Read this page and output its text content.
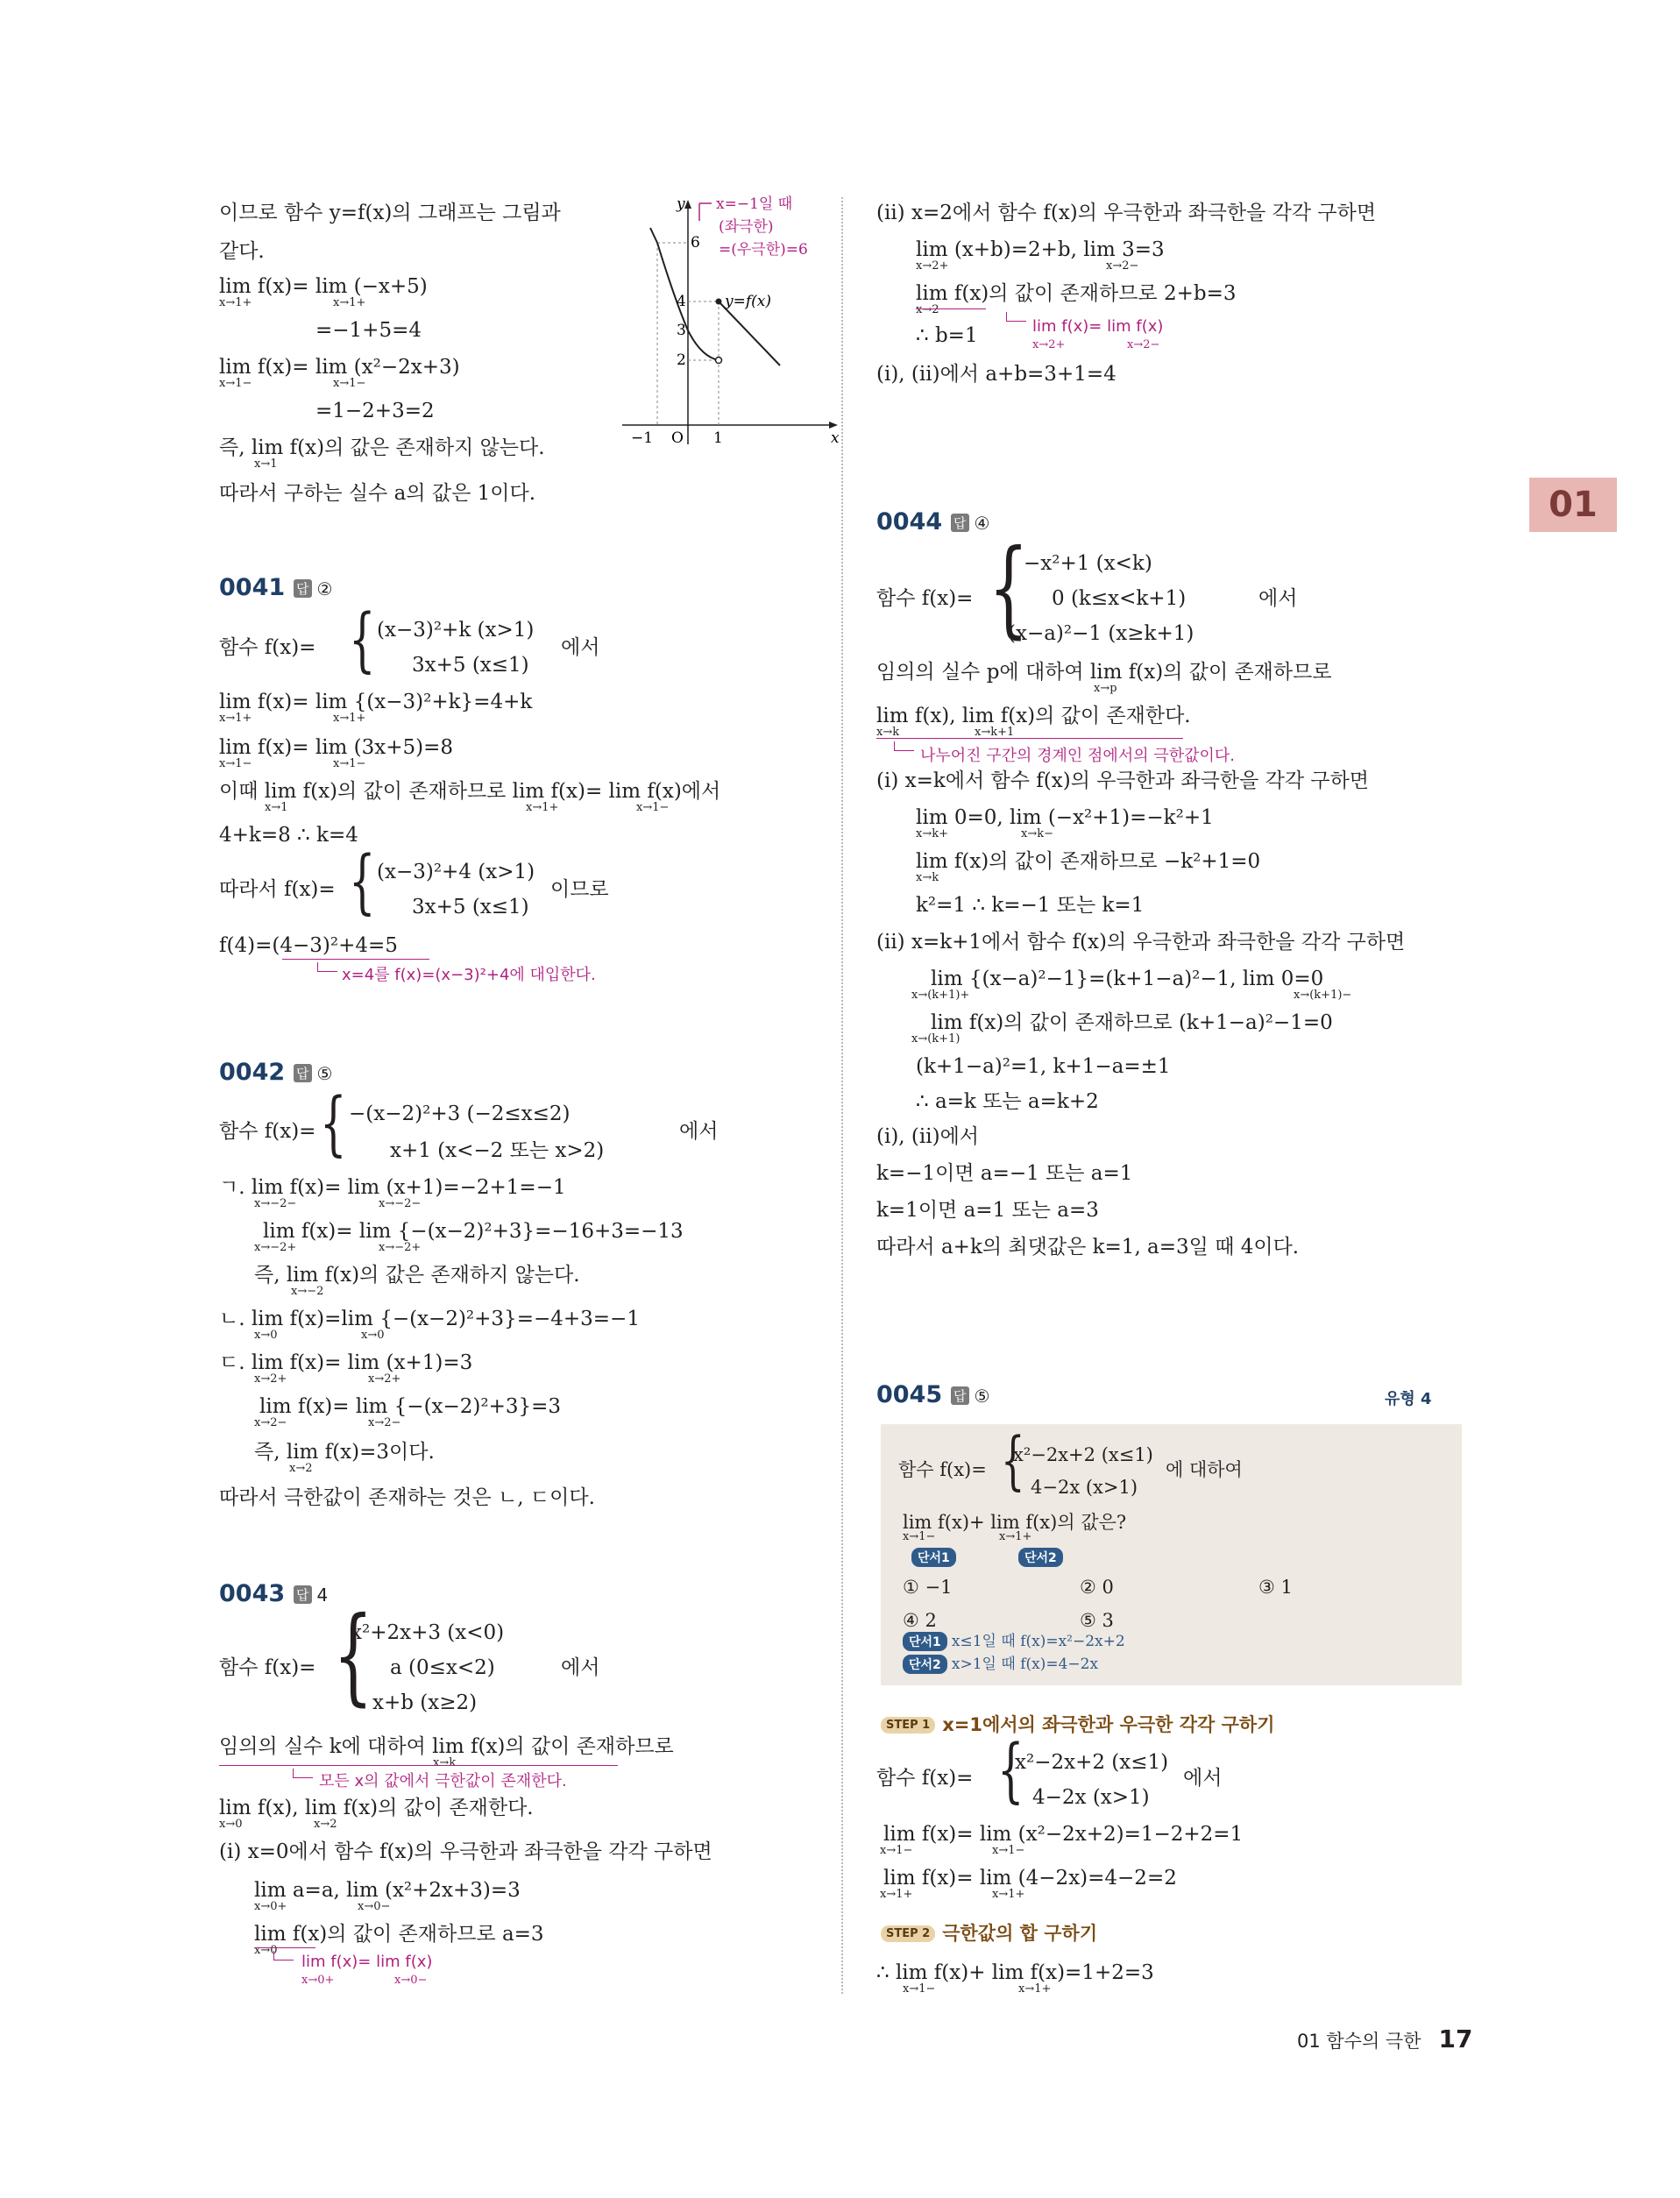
이므로 함수 y=f(x)의 그래프는 그림과
같다.
lim f(x)= lim (−x+5)
x→1+	x→1+
=−1+5=4
lim f(x)= lim (x²−2x+3)
x→1−	x→1−
=1−2+3=2
즉, lim f(x)의 값은 존재하지 않는다.
x→1
따라서 구하는 실수 a의 값은 1이다.
y
x
6
4
3
2
−1 O 1
y=f(x)
x=−1일 때
(좌극한)
=(우극한)=6
0041 답 ②
함수 f(x)= { (x−3)²+k (x>1)
3x+5 (x≤1)
에서
lim f(x)= lim {(x−3)²+k}=4+k
x→1+	x→1+
lim f(x)= lim (3x+5)=8
x→1−	x→1−
이때 lim f(x)의 값이 존재하므로 lim f(x)= lim f(x)에서
x→1	x→1+	x→1−
4+k=8 ∴ k=4
따라서 f(x)= { (x−3)²+4 (x>1)
3x+5 (x≤1)
이므로
f(4)=(4−3)²+4=5
x=4를 f(x)=(x−3)²+4에 대입한다.
0042 답 ⑤
함수 f(x)= { −(x−2)²+3 (−2≤x≤2)
x+1 (x<−2 또는 x>2)
에서
ㄱ. lim f(x)= lim (x+1)=−2+1=−1
x→−2−	x→−2−
lim f(x)= lim {−(x−2)²+3}=−16+3=−13
x→−2+	x→−2+
즉, lim f(x)의 값은 존재하지 않는다.
x→−2
ㄴ. lim f(x)=lim {−(x−2)²+3}=−4+3=−1
x→0	x→0
ㄷ. lim f(x)= lim (x+1)=3
x→2+	x→2+
lim f(x)= lim {−(x−2)²+3}=3
x→2−	x→2−
즉, lim f(x)=3이다.
x→2
따라서 극한값이 존재하는 것은 ㄴ, ㄷ이다.
0043 답 4
함수 f(x)= {
x²+2x+3 (x<0)
a (0≤x<2)
x+b (x≥2)
에서
임의의 실수 k에 대하여 lim f(x)의 값이 존재하므로
x→k
모든 x의 값에서 극한값이 존재한다.
lim f(x), lim f(x)의 값이 존재한다.
x→0	x→2
(ⅰ) x=0에서 함수 f(x)의 우극한과 좌극한을 각각 구하면
lim a=a, lim (x²+2x+3)=3
x→0+	x→0−
lim f(x)의 값이 존재하므로 a=3
x→0
lim f(x)= lim f(x)
x→0+	x→0−
(ⅱ) x=2에서 함수 f(x)의 우극한과 좌극한을 각각 구하면
lim (x+b)=2+b, lim 3=3
x→2+	x→2−
lim f(x)의 값이 존재하므로 2+b=3
x→2
∴ b=1	lim f(x)= lim f(x)
x→2+	x→2−
(ⅰ), (ⅱ)에서 a+b=3+1=4
0044 답 ④
함수 f(x)= {
−x²+1 (x<k)
0 (k≤x<k+1)
(x−a)²−1 (x≥k+1)
에서
임의의 실수 p에 대하여 lim f(x)의 값이 존재하므로
x→p
lim f(x), lim f(x)의 값이 존재한다.
x→k	x→k+1
나누어진 구간의 경계인 점에서의 극한값이다.
(ⅰ) x=k에서 함수 f(x)의 우극한과 좌극한을 각각 구하면
lim 0=0, lim (−x²+1)=−k²+1
x→k+	x→k−
lim f(x)의 값이 존재하므로 −k²+1=0
x→k
k²=1 ∴ k=−1 또는 k=1
(ⅱ) x=k+1에서 함수 f(x)의 우극한과 좌극한을 각각 구하면
lim {(x−a)²−1}=(k+1−a)²−1, lim 0=0
x→(k+1)+	x→(k+1)−
lim f(x)의 값이 존재하므로 (k+1−a)²−1=0
x→(k+1)
(k+1−a)²=1, k+1−a=±1
∴ a=k 또는 a=k+2
(ⅰ), (ⅱ)에서
k=−1이면 a=−1 또는 a=1
k=1이면 a=1 또는 a=3
따라서 a+k의 최댓값은 k=1, a=3일 때 4이다.
0045 답 ⑤	유형 4
함수 f(x)= {
x²−2x+2 (x≤1)
4−2x (x>1)
에 대하여
lim f(x)+ lim f(x)의 값은?
x→1−	x→1+
단서1	단서2
① −1	② 0	③ 1
④ 2	⑤ 3
단서1 x≤1일 때 f(x)=x²−2x+2
단서2 x>1일 때 f(x)=4−2x
STEP 1 x=1에서의 좌극한과 우극한 각각 구하기
함수 f(x)= {
x²−2x+2 (x≤1)
4−2x (x>1)
에서
lim f(x)= lim (x²−2x+2)=1−2+2=1
x→1−	x→1−
lim f(x)= lim (4−2x)=4−2=2
x→1+	x→1+
STEP 2 극한값의 합 구하기
∴ lim f(x)+ lim f(x)=1+2=3
x→1−	x→1+
01
01 함수의 극한 17
